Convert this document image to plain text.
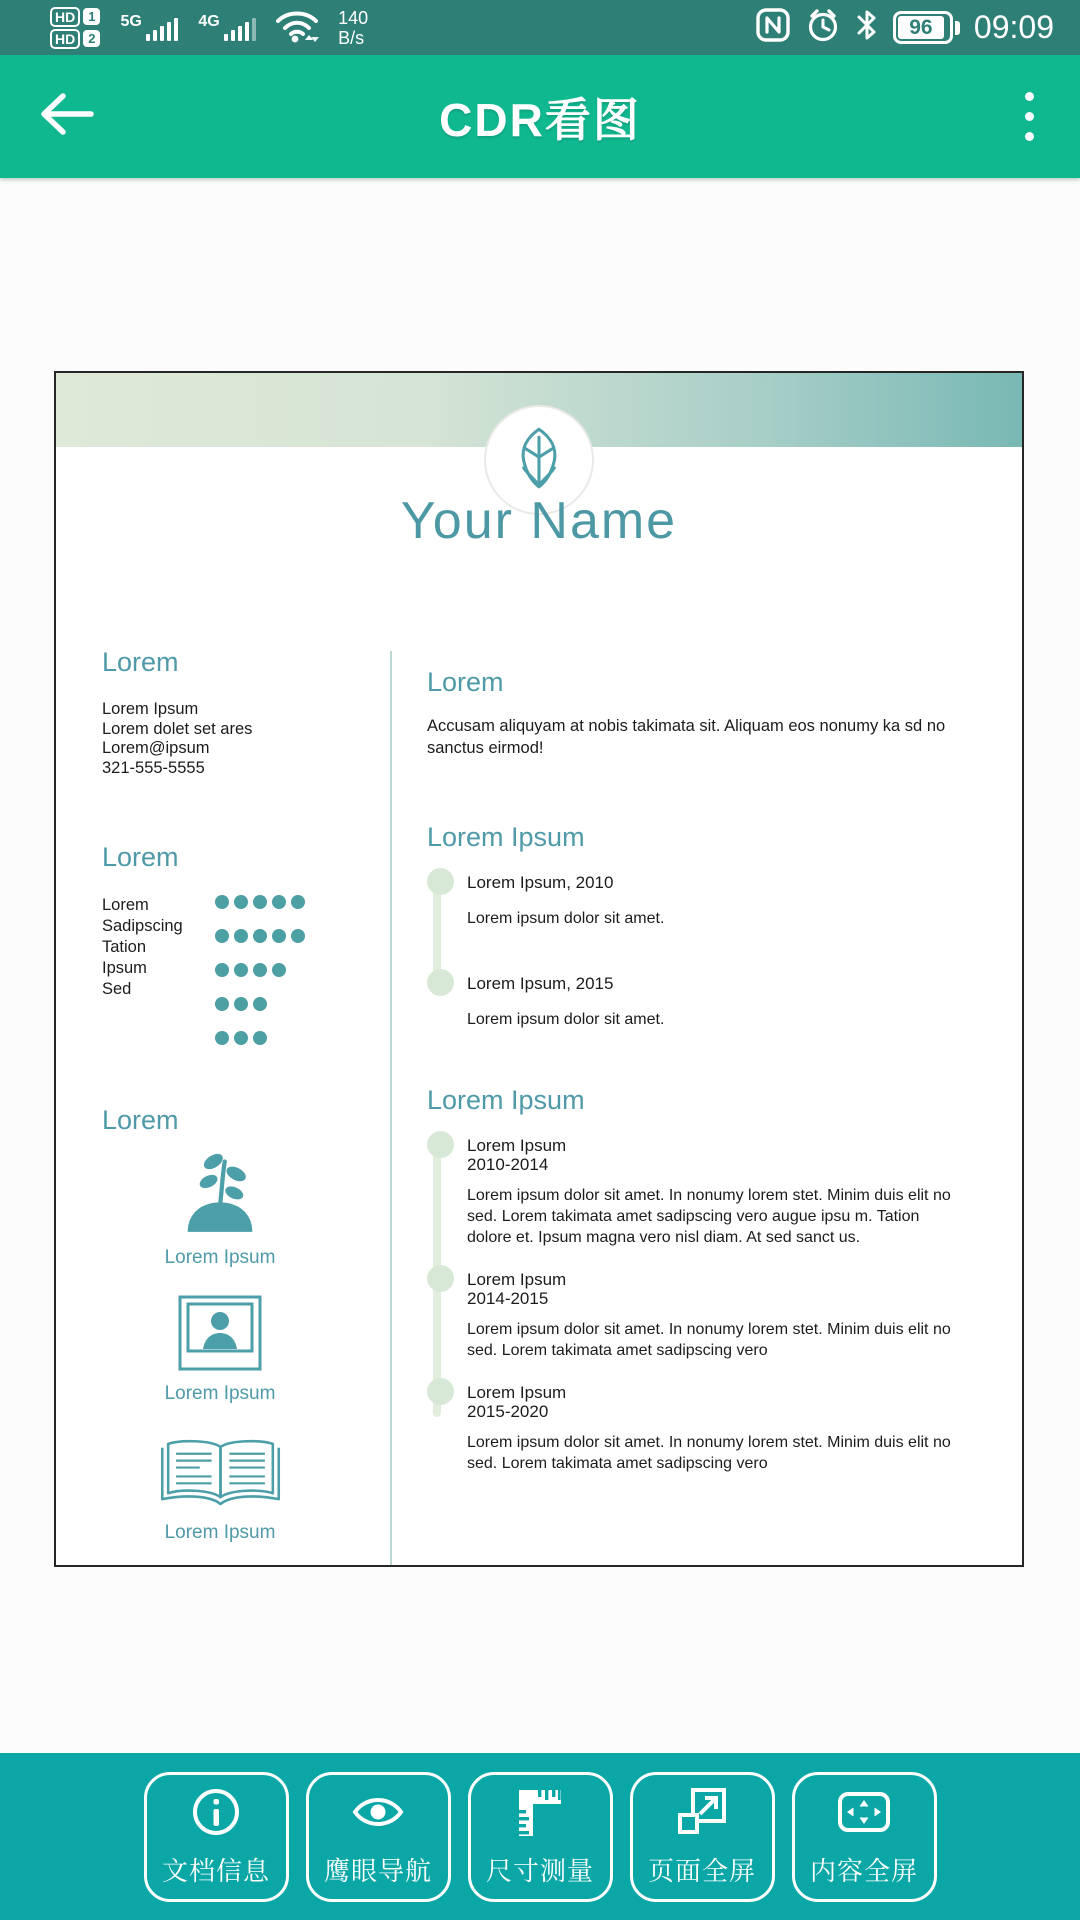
HD	1
HD	2
5G	4G	140
B/s	96	09:09
CDR看图
Your Name
Lorem
Lorem Ipsum
Lorem dolet set ares
Lorem@ipsum
321-555-5555
Lorem
Lorem
Sadipscing
Tation
Ipsum
Sed
Lorem
Lorem Ipsum
Lorem Ipsum
Lorem Ipsum
Lorem
Accusam aliquyam at nobis takimata sit. Aliquam eos nonumy ka sd no sanctus eirmod!
Lorem Ipsum
Lorem Ipsum, 2010
Lorem ipsum dolor sit amet.
Lorem Ipsum, 2015
Lorem ipsum dolor sit amet.
Lorem Ipsum
Lorem Ipsum
2010-2014
Lorem ipsum dolor sit amet. In nonumy lorem stet. Minim duis elit no sed. Lorem takimata amet sadipscing vero augue ipsu m. Tation dolore et. Ipsum magna vero nisl diam. At sed sanct us.
Lorem Ipsum
2014-2015
Lorem ipsum dolor sit amet. In nonumy lorem stet. Minim duis elit no sed. Lorem takimata amet sadipscing vero
Lorem Ipsum
2015-2020
Lorem ipsum dolor sit amet. In nonumy lorem stet. Minim duis elit no sed. Lorem takimata amet sadipscing vero
文档信息 鹰眼导航 尺寸测量 页面全屏 内容全屏
